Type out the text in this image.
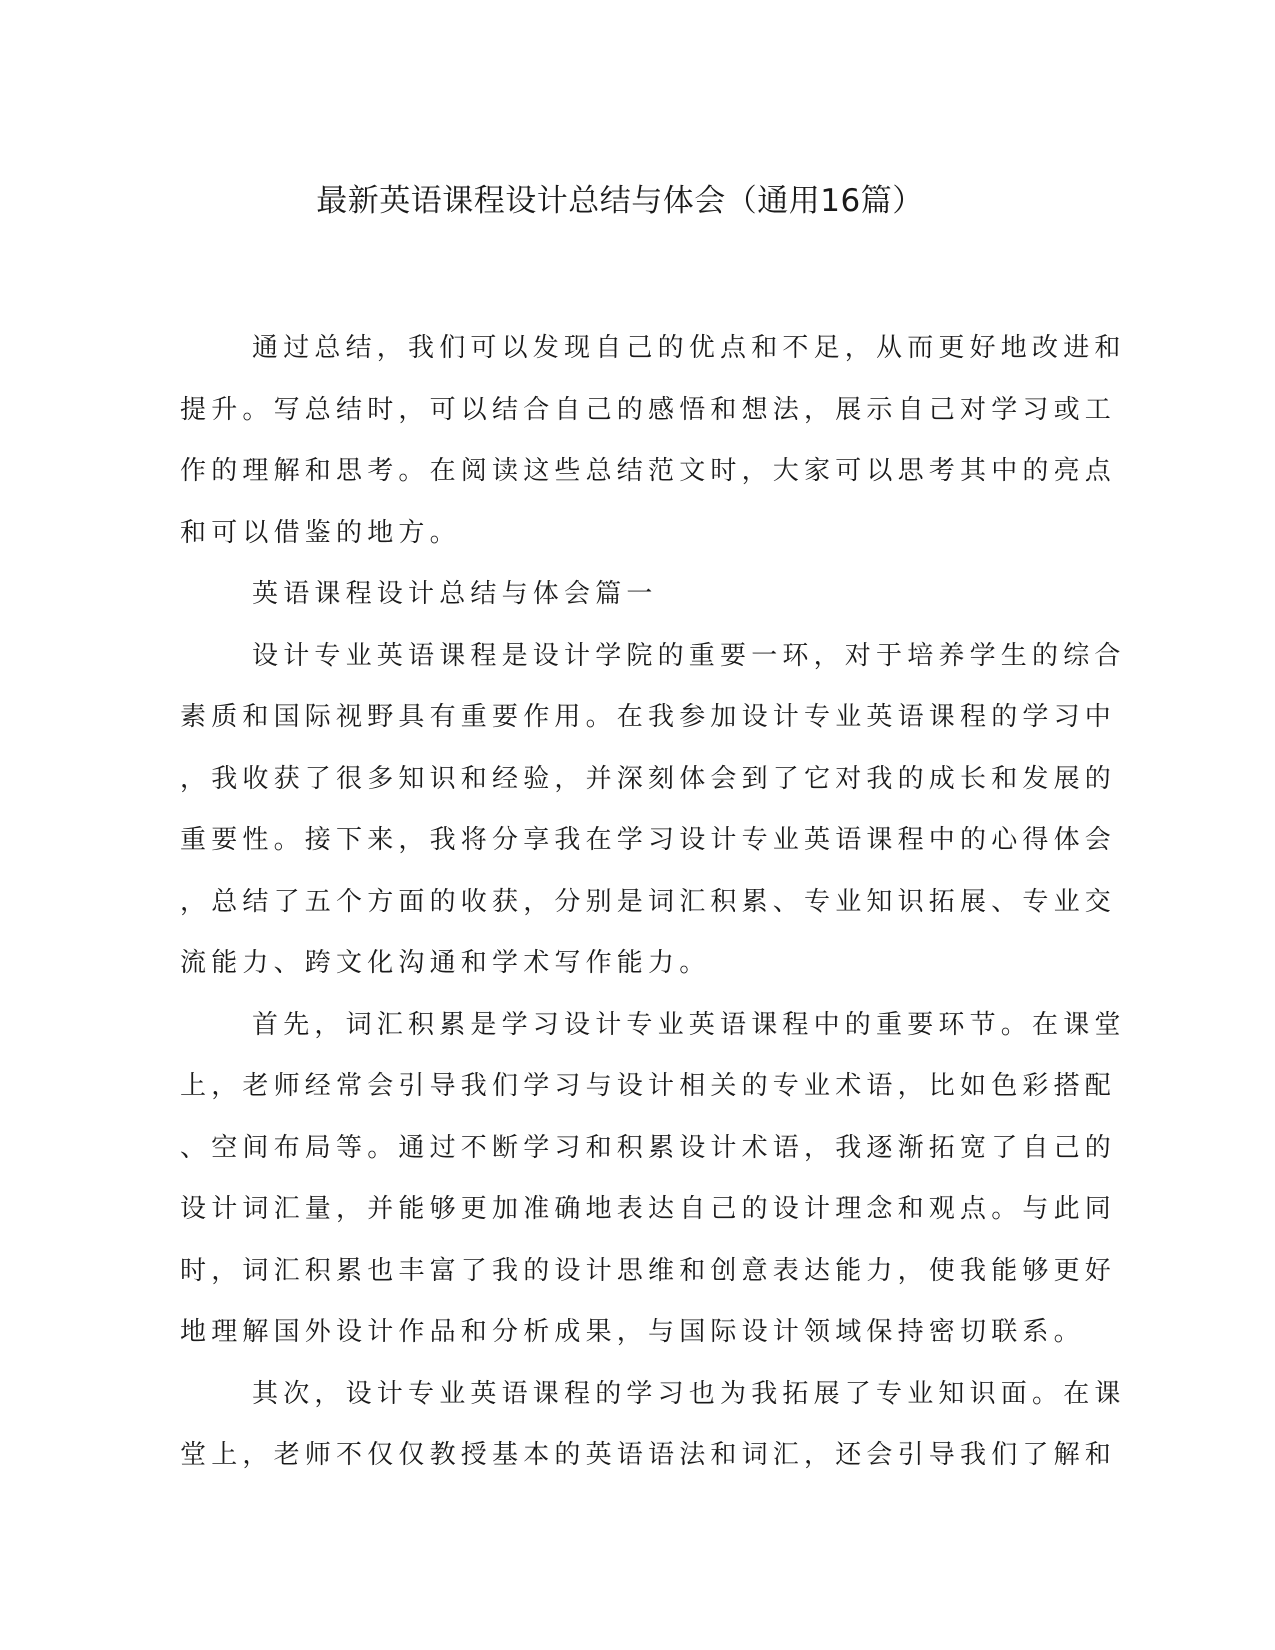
最新英语课程设计总结与体会（通用16篇）

通过总结，我们可以发现自己的优点和不足，从而更好地改进和

提升。写总结时，可以结合自己的感悟和想法，展示自己对学习或工

作的理解和思考。在阅读这些总结范文时，大家可以思考其中的亮点

和可以借鉴的地方。

英语课程设计总结与体会篇一

设计专业英语课程是设计学院的重要一环，对于培养学生的综合

素质和国际视野具有重要作用。在我参加设计专业英语课程的学习中

，我收获了很多知识和经验，并深刻体会到了它对我的成长和发展的

重要性。接下来，我将分享我在学习设计专业英语课程中的心得体会

，总结了五个方面的收获，分别是词汇积累、专业知识拓展、专业交

流能力、跨文化沟通和学术写作能力。

首先，词汇积累是学习设计专业英语课程中的重要环节。在课堂

上，老师经常会引导我们学习与设计相关的专业术语，比如色彩搭配

、空间布局等。通过不断学习和积累设计术语，我逐渐拓宽了自己的

设计词汇量，并能够更加准确地表达自己的设计理念和观点。与此同

时，词汇积累也丰富了我的设计思维和创意表达能力，使我能够更好

地理解国外设计作品和分析成果，与国际设计领域保持密切联系。

其次，设计专业英语课程的学习也为我拓展了专业知识面。在课

堂上，老师不仅仅教授基本的英语语法和词汇，还会引导我们了解和
